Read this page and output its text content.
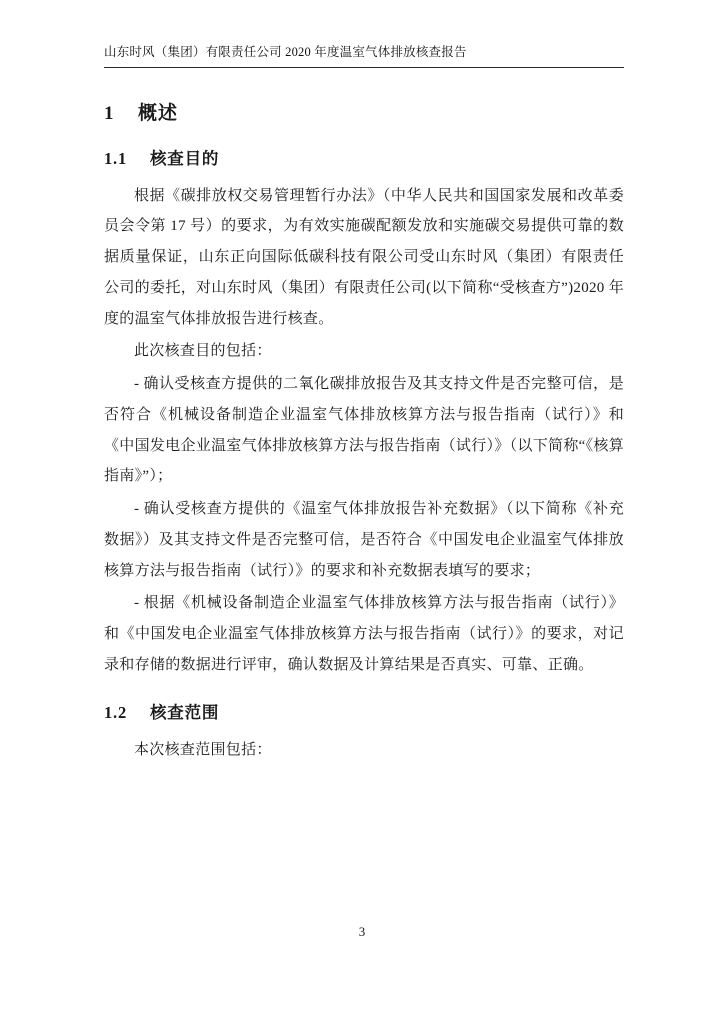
山东时风（集团）有限责任公司 2020 年度温室气体排放核查报告
1 概述
1.1 核查目的

根据《碳排放权交易管理暂行办法》（中华人民共和国国家发展和改革委员会令第 17 号）的要求，为有效实施碳配额发放和实施碳交易提供可靠的数据质量保证，山东正向国际低碳科技有限公司受山东时风（集团）有限责任公司的委托，对山东时风（集团）有限责任公司(以下简称“受核查方”)2020 年度的温室气体排放报告进行核查。

此次核查目的包括：

‐ 确认受核查方提供的二氧化碳排放报告及其支持文件是否完整可信，是否符合《机械设备制造企业温室气体排放核算方法与报告指南（试行）》和《中国发电企业温室气体排放核算方法与报告指南（试行）》（以下简称“《核算指南》”）；

‐ 确认受核查方提供的《温室气体排放报告补充数据》（以下简称《补充数据》）及其支持文件是否完整可信，是否符合《中国发电企业温室气体排放核算方法与报告指南（试行）》的要求和补充数据表填写的要求；

‐ 根据《机械设备制造企业温室气体排放核算方法与报告指南（试行）》和《中国发电企业温室气体排放核算方法与报告指南（试行）》的要求，对记录和存储的数据进行评审，确认数据及计算结果是否真实、可靠、正确。

1.2 核查范围

本次核查范围包括：

3
